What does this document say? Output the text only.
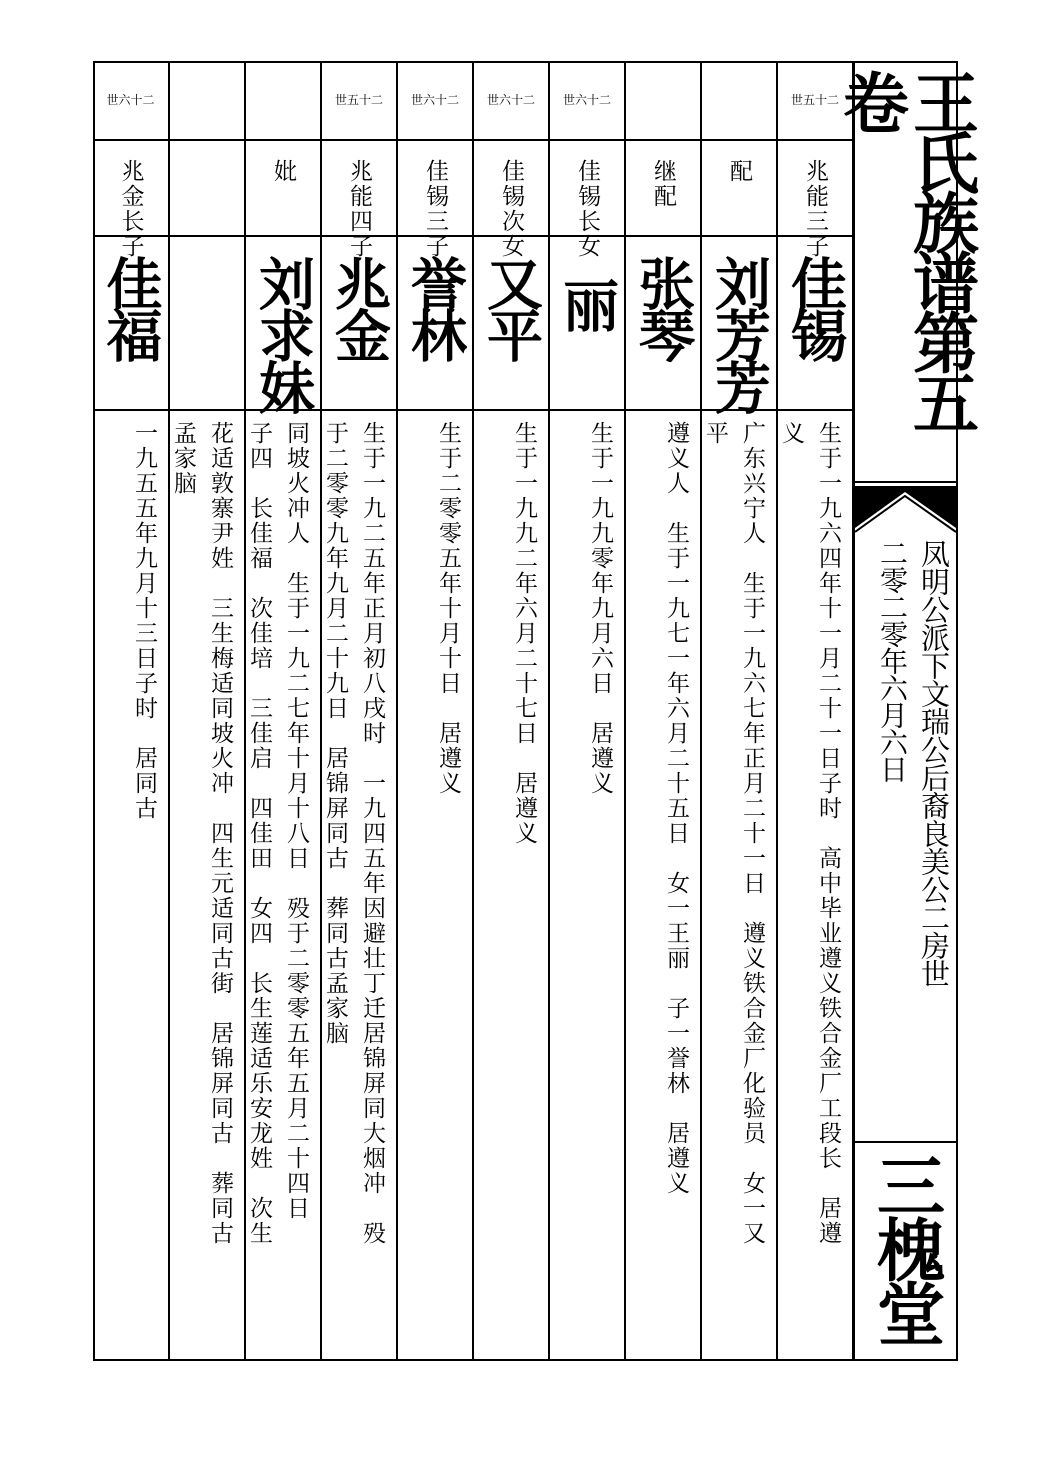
王氏族谱第五卷
凤明公派下文瑞公后裔良美公二房世
二零二零年六月六日
三槐堂
世五十二
兆能三子
佳锡
生于一九六四年十一月二十一日子时　高中毕业遵义铁合金厂工段长　居遵
义
配
刘芳芳
广东兴宁人　生于一九六七年正月二十一日　遵义铁合金厂化验员　女一又
平
继配
张琴
遵义人　生于一九七一年六月二十五日　女一王丽　子一誉林　居遵义
世六十二
佳锡长女
丽
生于一九九零年九月六日　居遵义
世六十二
佳锡次女
又平
生于一九九二年六月二十七日　居遵义
世六十二
佳锡三子
誉林
生于二零零五年十月十日　居遵义
世五十二
兆能四子
兆金
生于一九二五年正月初八戌时　一九四五年因避壮丁迁居锦屏同大烟冲　殁
于二零零九年九月二十九日　居锦屏同古　葬同古孟家脑
妣
刘求妹
同坡火冲人　生于一九二七年十月十八日　殁于二零零五年五月二十四日
子四　长佳福　次佳培　三佳启　四佳田　女四　长生莲适乐安龙姓　次生
花适敦寨尹姓　三生梅适同坡火冲　四生元适同古街　居锦屏同古　葬同古
孟家脑
世六十二
兆金长子
佳福
一九五五年九月十三日子时　居同古
